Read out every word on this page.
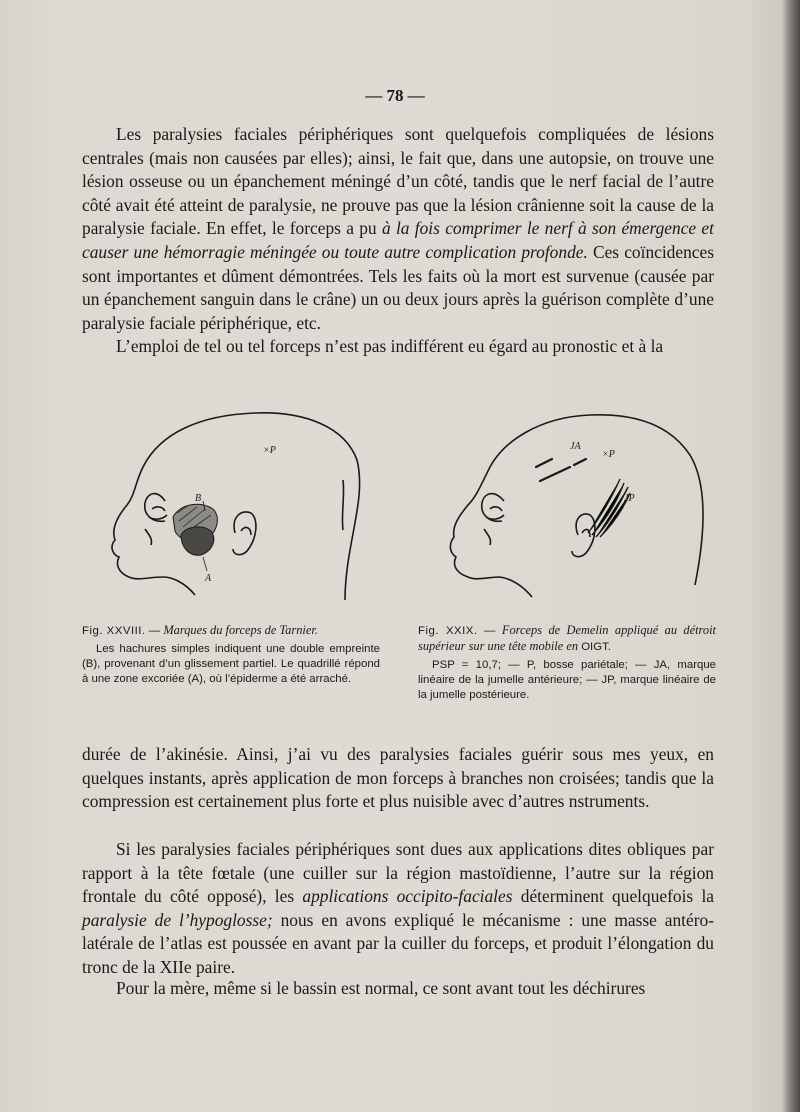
— 78 —

Les paralysies faciales périphériques sont quelquefois compliquées de lésions centrales (mais non causées par elles); ainsi, le fait que, dans une autopsie, on trouve une lésion osseuse ou un épanchement méningé d’un côté, tandis que le nerf facial de l’autre côté avait été atteint de paralysie, ne prouve pas que la lésion crânienne soit la cause de la paralysie faciale. En effet, le forceps a pu à la fois comprimer le nerf à son émergence et causer une hémorragie méningée ou toute autre complication profonde. Ces coïncidences sont importantes et dûment démontrées. Tels les faits où la mort est survenue (causée par un épanchement sanguin dans le crâne) un ou deux jours après la guérison complète d’une paralysie faciale périphérique, etc.

L’emploi de tel ou tel forceps n’est pas indifférent eu égard au pronostic et à la

×P
B
A
JA
×P
JP
Fig. XXVIII. — Marques du forceps de Tarnier.
Les hachures simples indiquent une double empreinte (B), provenant d’un glissement partiel. Le quadrillé répond à une zone excoriée (A), où l’épiderme a été arraché.
Fig. XXIX. — Forceps de Demelin appliqué au détroit supérieur sur une tête mobile en OIGT.
PSP = 10,7; — P, bosse pariétale; — JA, marque linéaire de la jumelle antérieure; — JP, marque linéaire de la jumelle postérieure.

durée de l’akinésie. Ainsi, j’ai vu des paralysies faciales guérir sous mes yeux, en quelques instants, après application de mon forceps à branches non croisées; tandis que la compression est certainement plus forte et plus nuisible avec d’autres nstruments.

Si les paralysies faciales périphériques sont dues aux applications dites obliques par rapport à la tête fœtale (une cuiller sur la région mastoïdienne, l’autre sur la région frontale du côté opposé), les applications occipito-faciales déterminent quelquefois la paralysie de l’hypoglosse; nous en avons expliqué le mécanisme : une masse antéro-latérale de l’atlas est poussée en avant par la cuiller du forceps, et produit l’élongation du tronc de la XIIe paire.

Pour la mère, même si le bassin est normal, ce sont avant tout les déchirures
